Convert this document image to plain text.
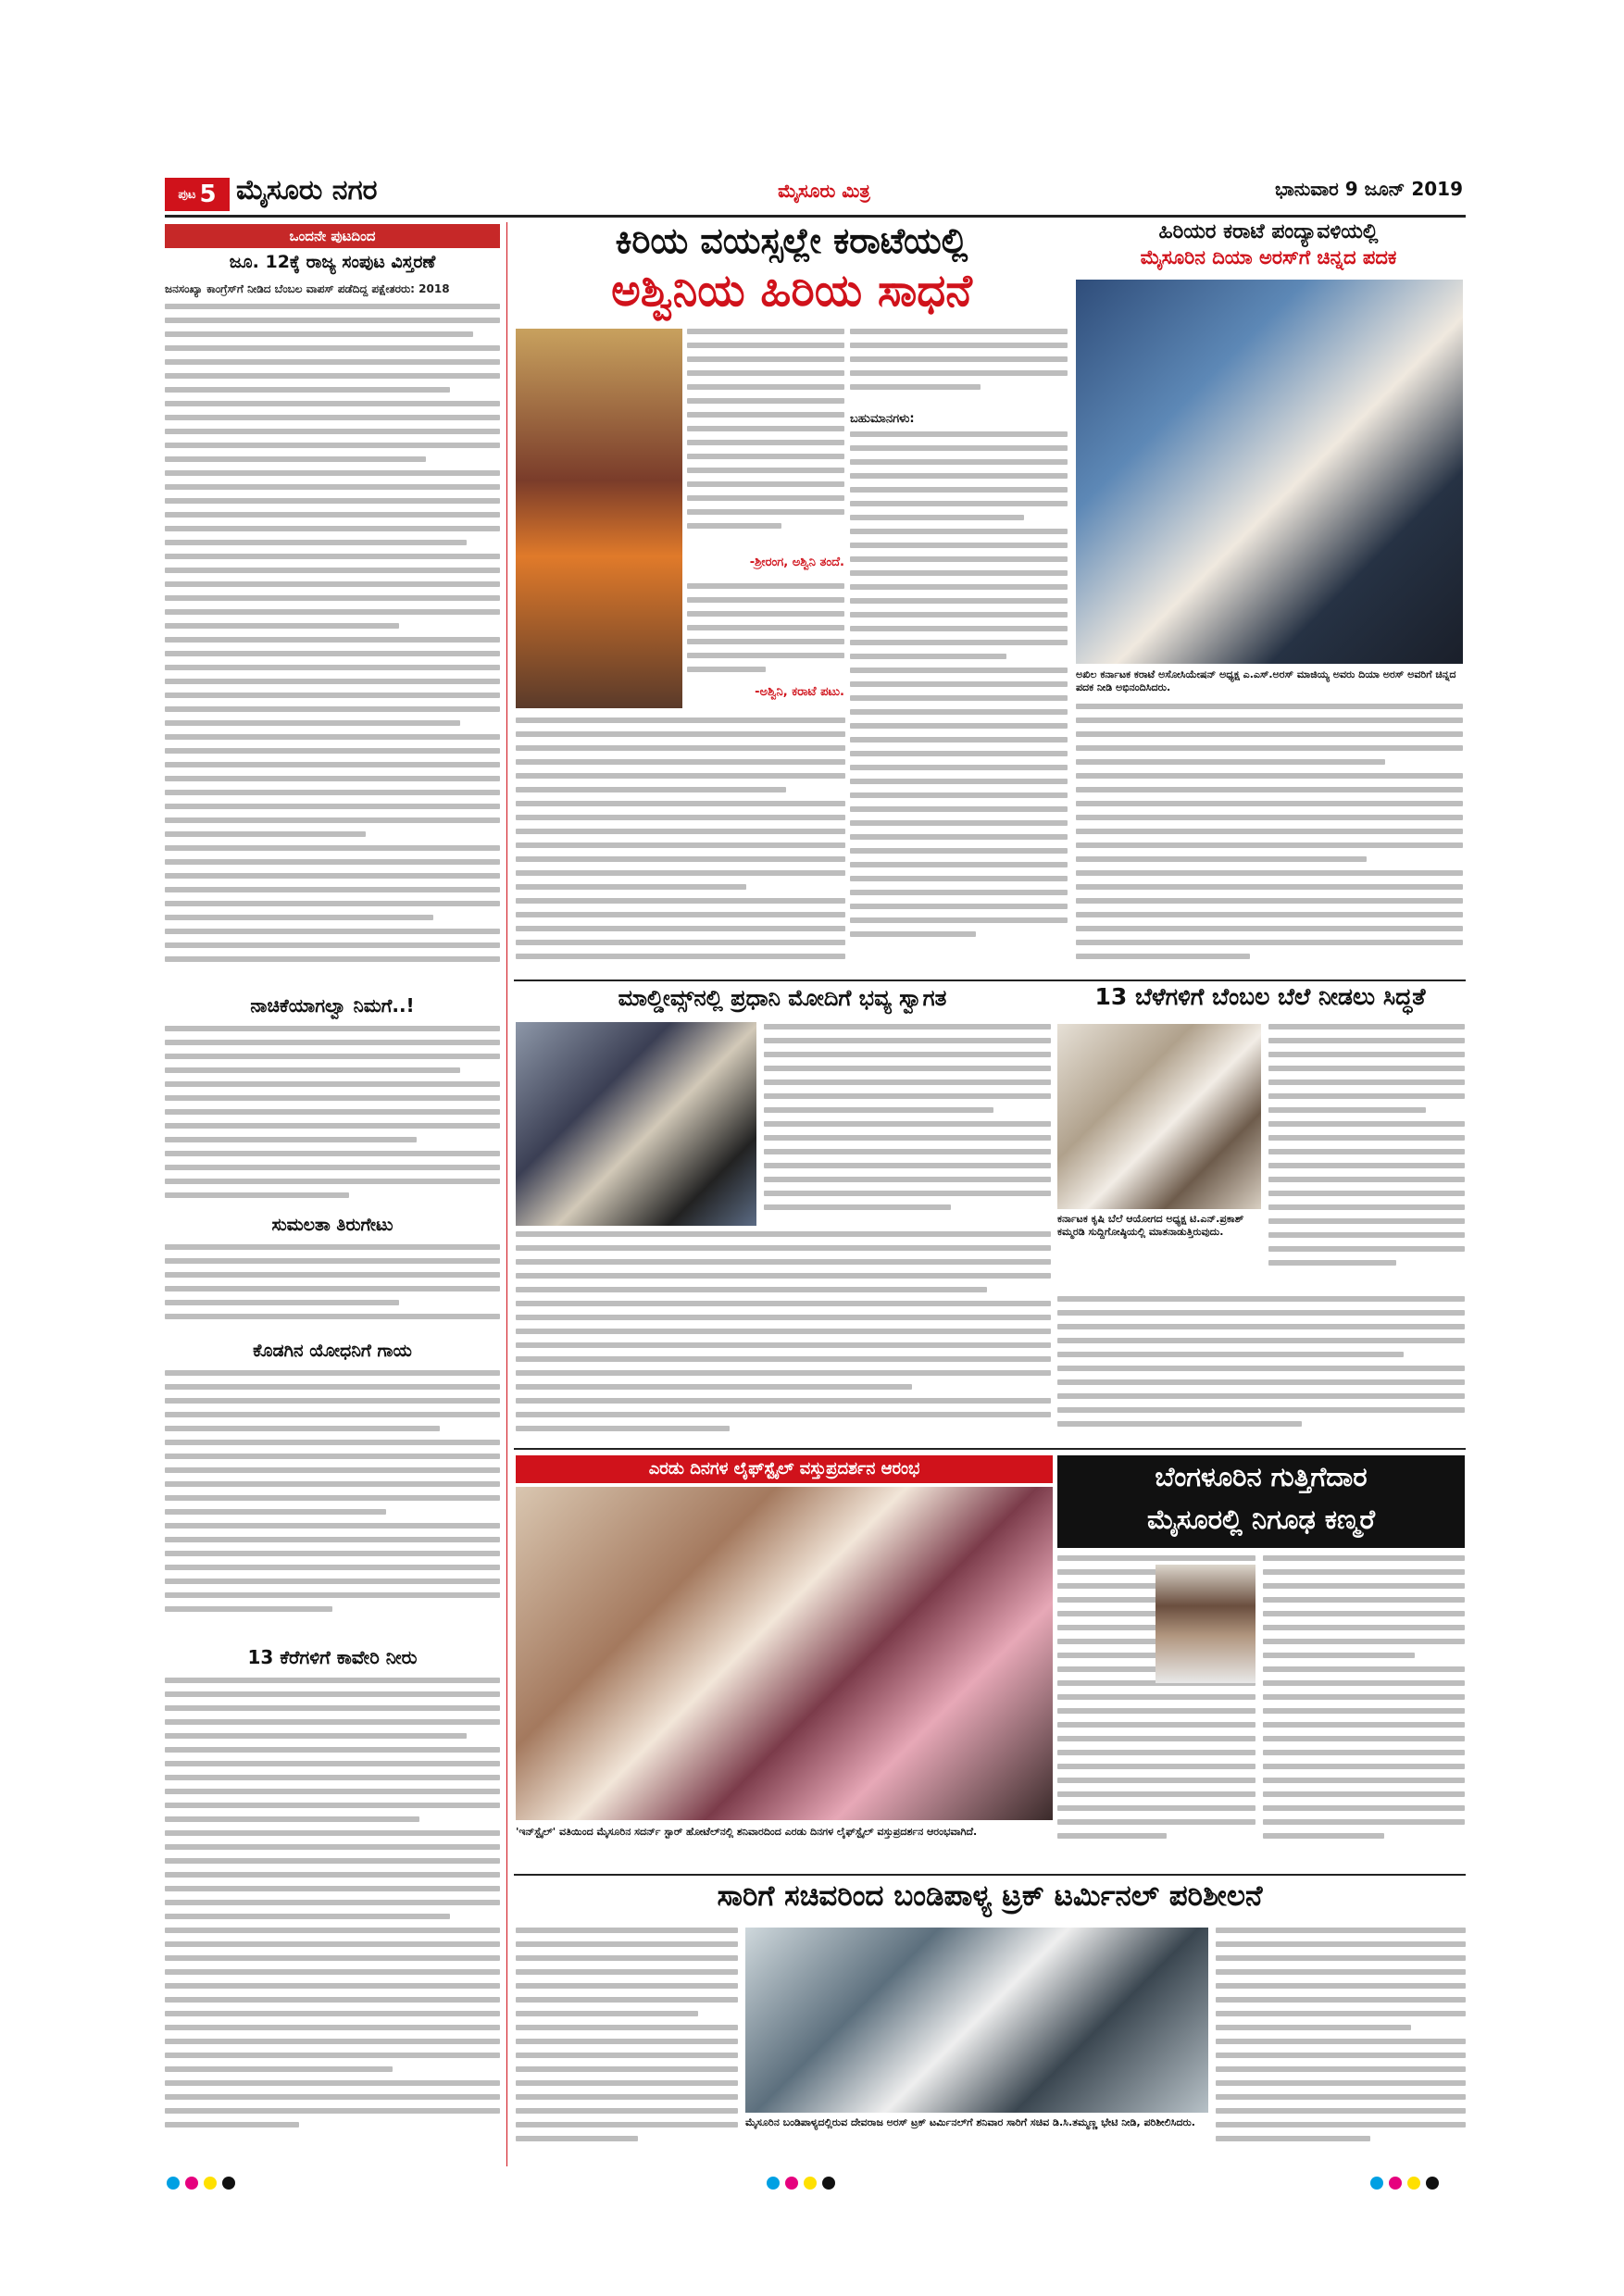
ಪುಟ 5 ಮೈಸೂರು ನಗರ	ಮೈಸೂರು ಮಿತ್ರ	ಭಾನುವಾರ 9 ಜೂನ್ 2019
ಒಂದನೇ ಪುಟದಿಂದ
ಜೂ. 12ಕ್ಕೆ ರಾಜ್ಯ ಸಂಪುಟ ವಿಸ್ತರಣೆ
ಜನಸಂಖ್ಯಾ ಕಾಂಗ್ರೆಸ್‌ಗೆ ನೀಡಿದ ಬೆಂಬಲ ವಾಪಸ್ ಪಡೆದಿದ್ದ ಪಕ್ಷೇತರರು: 2018
ನಾಚಿಕೆಯಾಗಲ್ವಾ ನಿಮಗೆ..!
ಸುಮಲತಾ ತಿರುಗೇಟು
ಕೊಡಗಿನ ಯೋಧನಿಗೆ ಗಾಯ
13 ಕೆರೆಗಳಿಗೆ ಕಾವೇರಿ ನೀರು
ಕಿರಿಯ ವಯಸ್ಸಲ್ಲೇ ಕರಾಟೆಯಲ್ಲಿ
ಅಶ್ವಿನಿಯ ಹಿರಿಯ ಸಾಧನೆ
-ಶ್ರೀರಂಗ, ಅಶ್ವಿನಿ ತಂದೆ.
-ಅಶ್ವಿನಿ, ಕರಾಟೆ ಪಟು.
ಬಹುಮಾನಗಳು:
ಹಿರಿಯರ ಕರಾಟೆ ಪಂದ್ಯಾವಳಿಯಲ್ಲಿ
ಮೈಸೂರಿನ ದಿಯಾ ಅರಸ್‌ಗೆ ಚಿನ್ನದ ಪದಕ
ಅಖಿಲ ಕರ್ನಾಟಕ ಕರಾಟೆ ಅಸೋಸಿಯೇಷನ್ ಅಧ್ಯಕ್ಷ ಎ.ಎಸ್.ಅರಸ್ ಮಾಜಿಯ್ಯ ಅವರು ದಿಯಾ ಅರಸ್ ಅವರಿಗೆ ಚಿನ್ನದ ಪದಕ ನೀಡಿ ಅಭಿನಂದಿಸಿದರು.
ಮಾಲ್ಡೀವ್ಸ್‌ನಲ್ಲಿ ಪ್ರಧಾನಿ ಮೋದಿಗೆ ಭವ್ಯ ಸ್ವಾಗತ	13 ಬೆಳೆಗಳಿಗೆ ಬೆಂಬಲ ಬೆಲೆ ನೀಡಲು ಸಿದ್ಧತೆ
ಕರ್ನಾಟಕ ಕೃಷಿ ಬೆಲೆ ಆಯೋಗದ ಅಧ್ಯಕ್ಷ ಟಿ.ಎನ್.ಪ್ರಕಾಶ್ ಕಮ್ಮರಡಿ ಸುದ್ದಿಗೋಷ್ಠಿಯಲ್ಲಿ ಮಾತನಾಡುತ್ತಿರುವುದು.
ಎರಡು ದಿನಗಳ ಲೈಫ್‌ಸ್ಟೈಲ್ ವಸ್ತುಪ್ರದರ್ಶನ ಆರಂಭ
'ಇನ್‌ಸ್ಟೈಲ್' ವತಿಯಿಂದ ಮೈಸೂರಿನ ಸದರ್ನ್ ಸ್ಟಾರ್ ಹೋಟೆಲ್‌ನಲ್ಲಿ ಶನಿವಾರದಿಂದ ಎರಡು ದಿನಗಳ ಲೈಫ್‌ಸ್ಟೈಲ್ ವಸ್ತುಪ್ರದರ್ಶನ ಆರಂಭವಾಗಿದೆ.
ಬೆಂಗಳೂರಿನ ಗುತ್ತಿಗೆದಾರ
ಮೈಸೂರಲ್ಲಿ ನಿಗೂಢ ಕಣ್ಮರೆ
ಸಾರಿಗೆ ಸಚಿವರಿಂದ ಬಂಡಿಪಾಳ್ಯ ಟ್ರಕ್ ಟರ್ಮಿನಲ್ ಪರಿಶೀಲನೆ
ಮೈಸೂರಿನ ಬಂಡಿಪಾಳ್ಯದಲ್ಲಿರುವ ದೇವರಾಜ ಅರಸ್ ಟ್ರಕ್ ಟರ್ಮಿನಲ್‌ಗೆ ಶನಿವಾರ ಸಾರಿಗೆ ಸಚಿವ ಡಿ.ಸಿ.ತಮ್ಮಣ್ಣ ಭೇಟಿ ನೀಡಿ, ಪರಿಶೀಲಿಸಿದರು.
